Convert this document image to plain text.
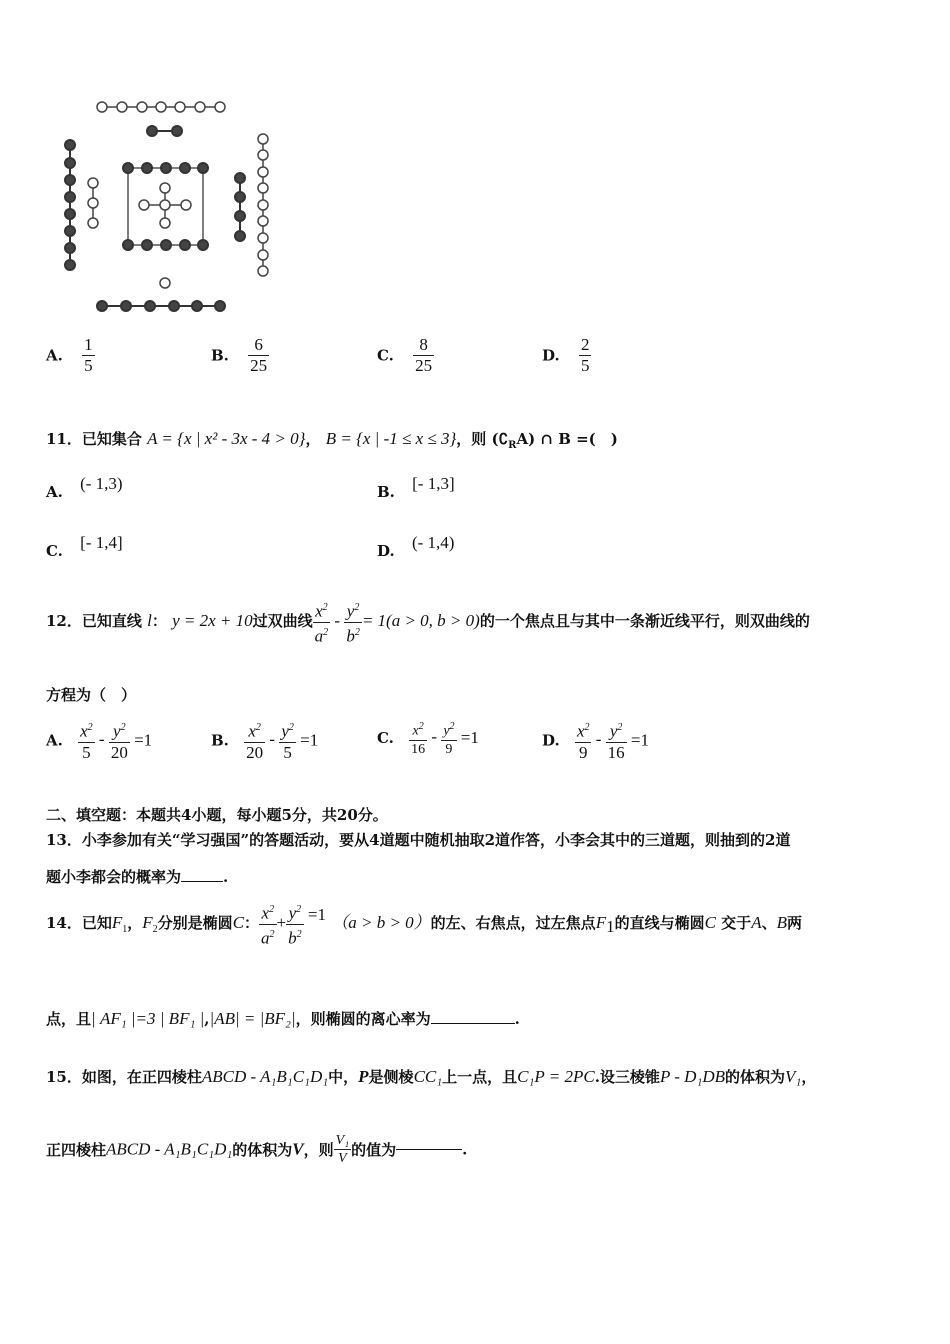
A. $\frac{1}{5}$	B. $\frac{6}{25}$	C. $\frac{8}{25}$	D. $\frac{2}{5}$
11．已知集合 A = {x | x² - 3x - 4 > 0}， B = {x | -1 ≤ x ≤ 3}，则 $(∁_RA)$ ∩ B =(　)
A. (- 1,3)	B. [- 1,3]
C. [- 1,4]	D. (- 1,4)
12．已知直线 l： y = 2x + 10过双曲线 $\frac{x^2}{a^2} - \frac{y^2}{b^2} = 1(a > 0$, b > 0)的一个焦点且与其中一条渐近线平行，则双曲线的
方程为（　）
A. $\frac{x^2}{5} - \frac{y^2}{20} =1$	B. $\frac{x^2}{20} - \frac{y^2}{5} =1$	C. $\frac{x^2}{16} - \frac{y^2}{9} =1$	D. $\frac{x^2}{9} - \frac{y^2}{16} =1$
二、填空题：本题共4小题，每小题5分，共20分。
13．小李参加有关“学习强国”的答题活动，要从4道题中随机抽取2道作答，小李会其中的三道题，则抽到的2道
题小李都会的概率为	.
14．已知$F_1$，$F_2$分别是椭圆C： $\frac{x^2}{a^2} + \frac{y^2}{b^2} =1$ （a > b > 0）的左、右焦点，过左焦点$F_1$的直线与椭圆C 交于A、B两
点，且| AF₁ |=3 | BF₁ |,|AB| = |BF₂|，则椭圆的离心率为	.
15．如图，在正四棱柱ABCD - A₁B₁C₁D₁中，P是侧棱CC₁上一点，且C₁P = 2PC.设三棱锥P - D₁DB的体积为V₁，
正四棱柱ABCD - A₁B₁C₁D₁的体积为V，则 $\frac{\text{V₁}}{V}$ 的值为	.
